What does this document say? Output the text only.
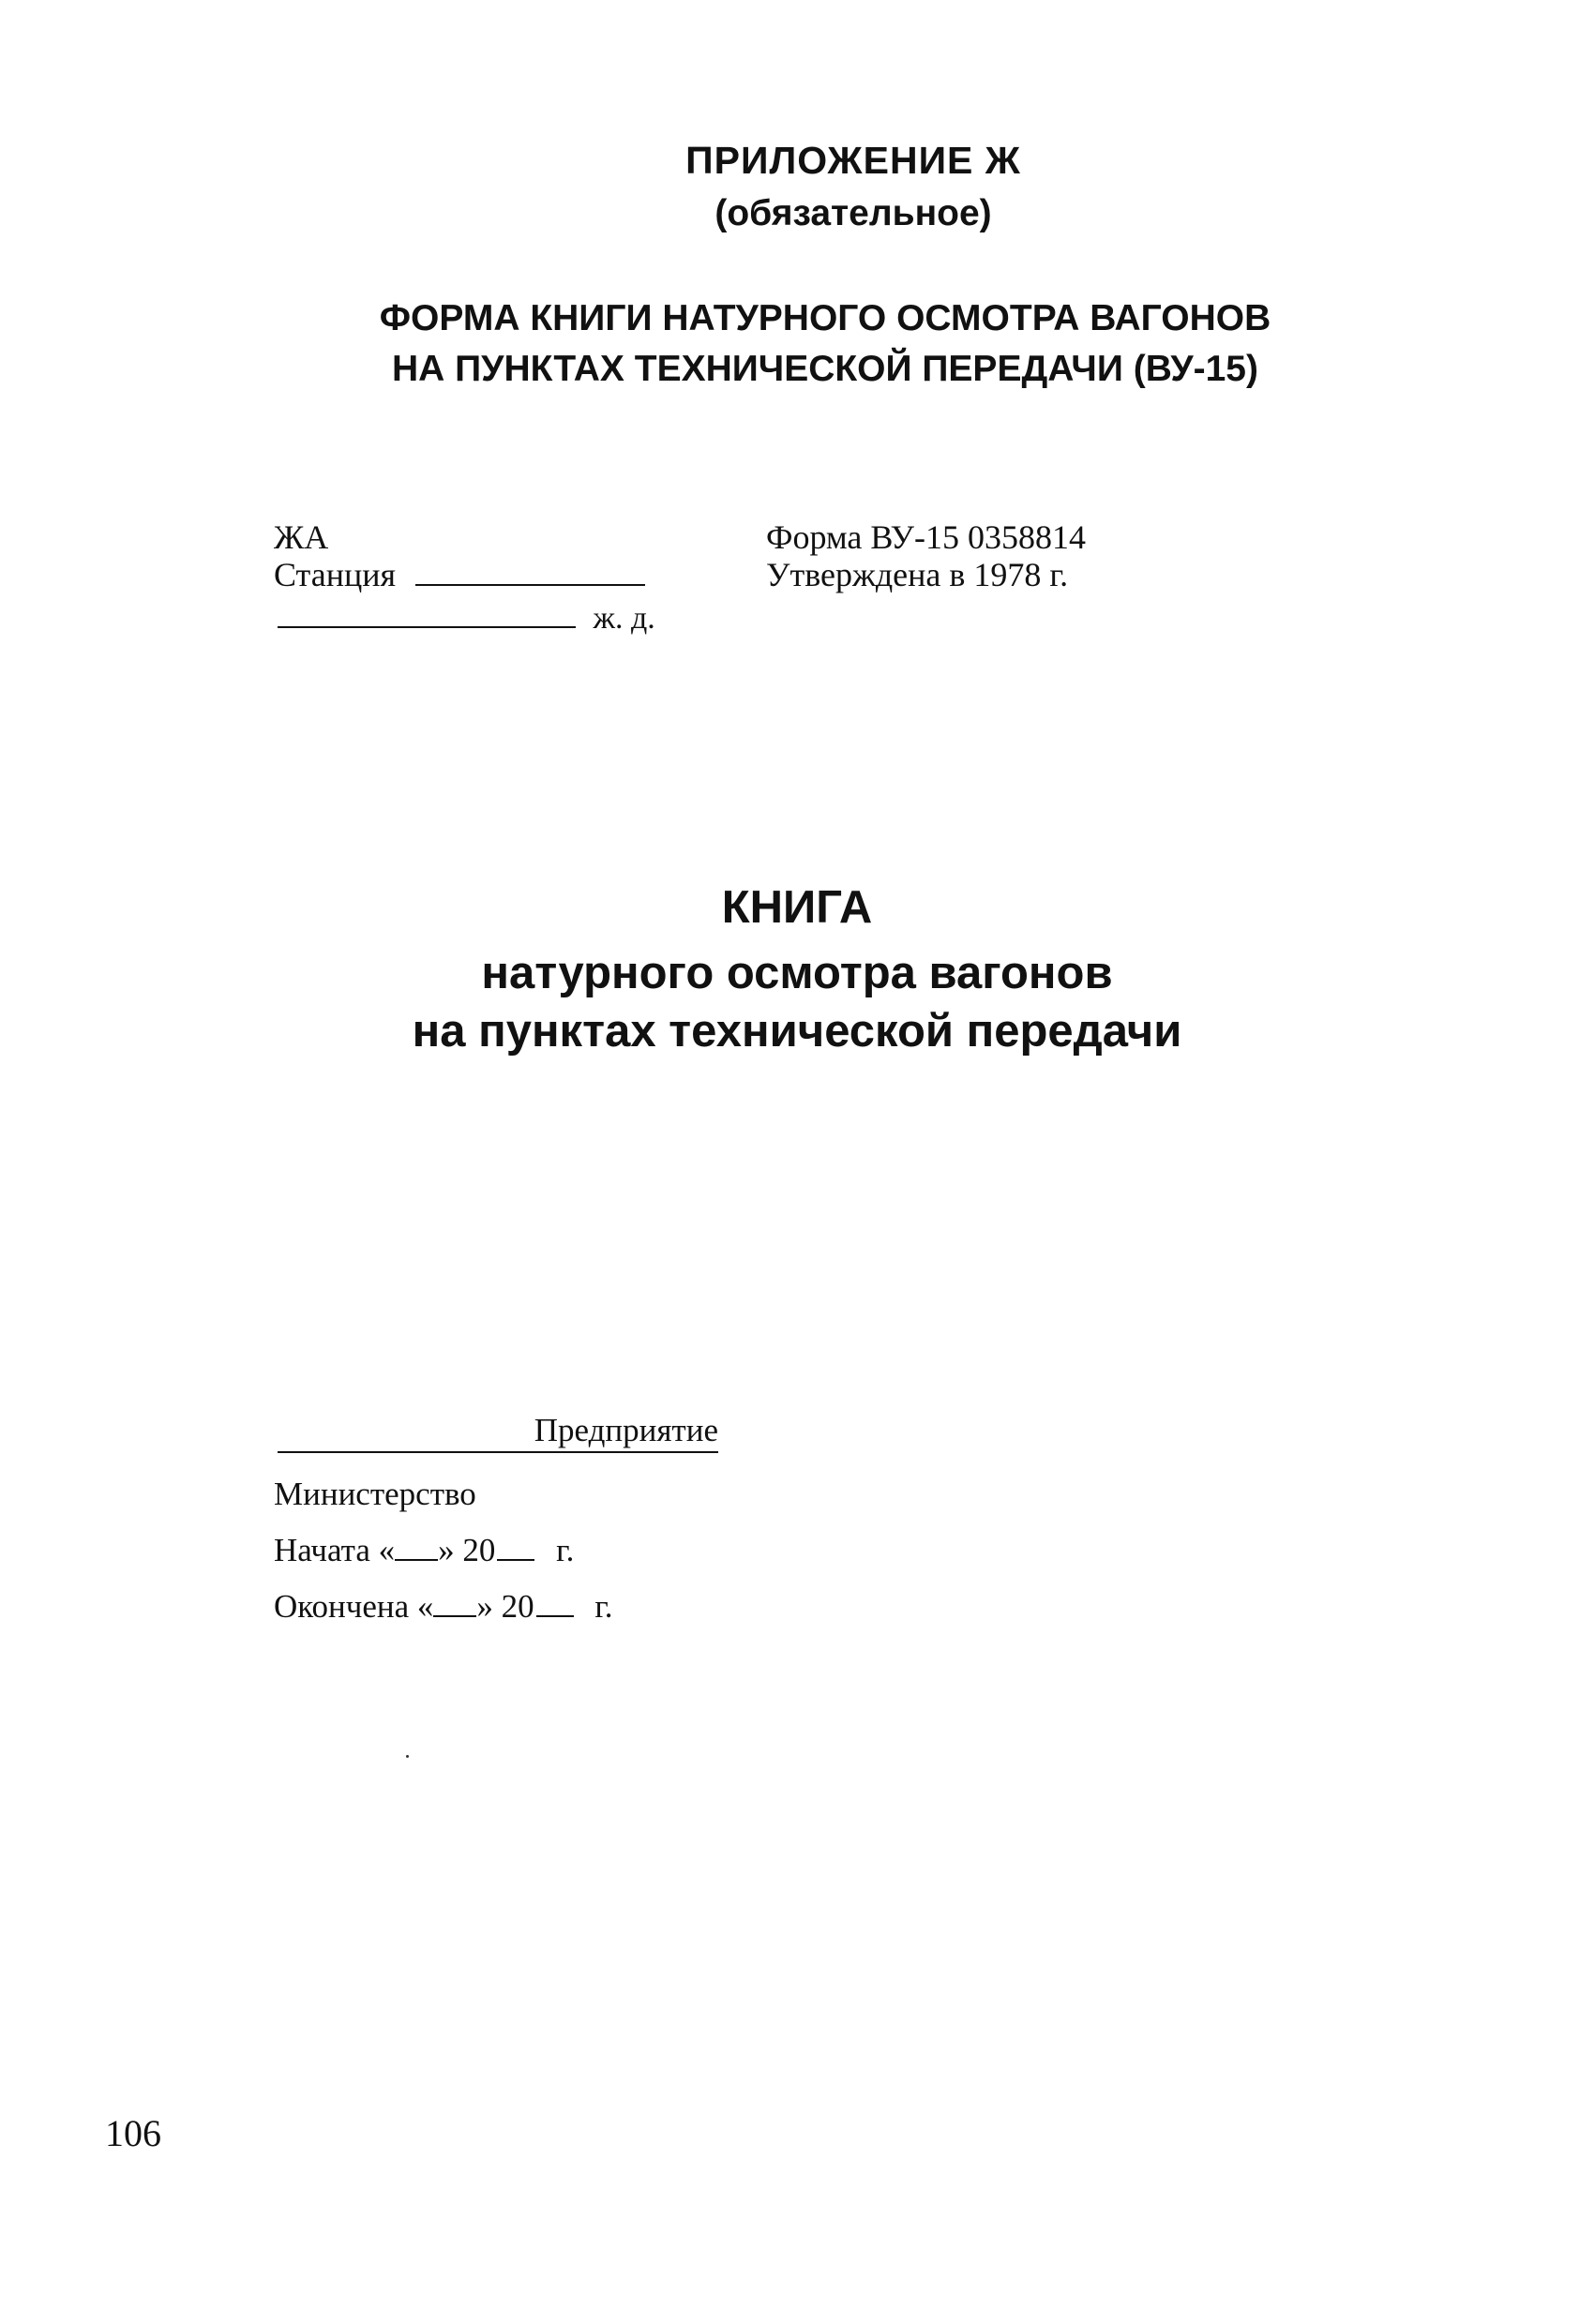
ПРИЛОЖЕНИЕ Ж
(обязательное)
ФОРМА КНИГИ НАТУРНОГО ОСМОТРА ВАГОНОВ
НА ПУНКТАХ ТЕХНИЧЕСКОЙ ПЕРЕДАЧИ (ВУ-15)
ЖА
Станция
ж. д.
Форма ВУ-15 0358814
Утверждена в 1978 г.
КНИГА
натурного осмотра вагонов
на пунктах технической передачи
Предприятие
Министерство
Начата « » 20 г.
Окончена « » 20 г.
106
